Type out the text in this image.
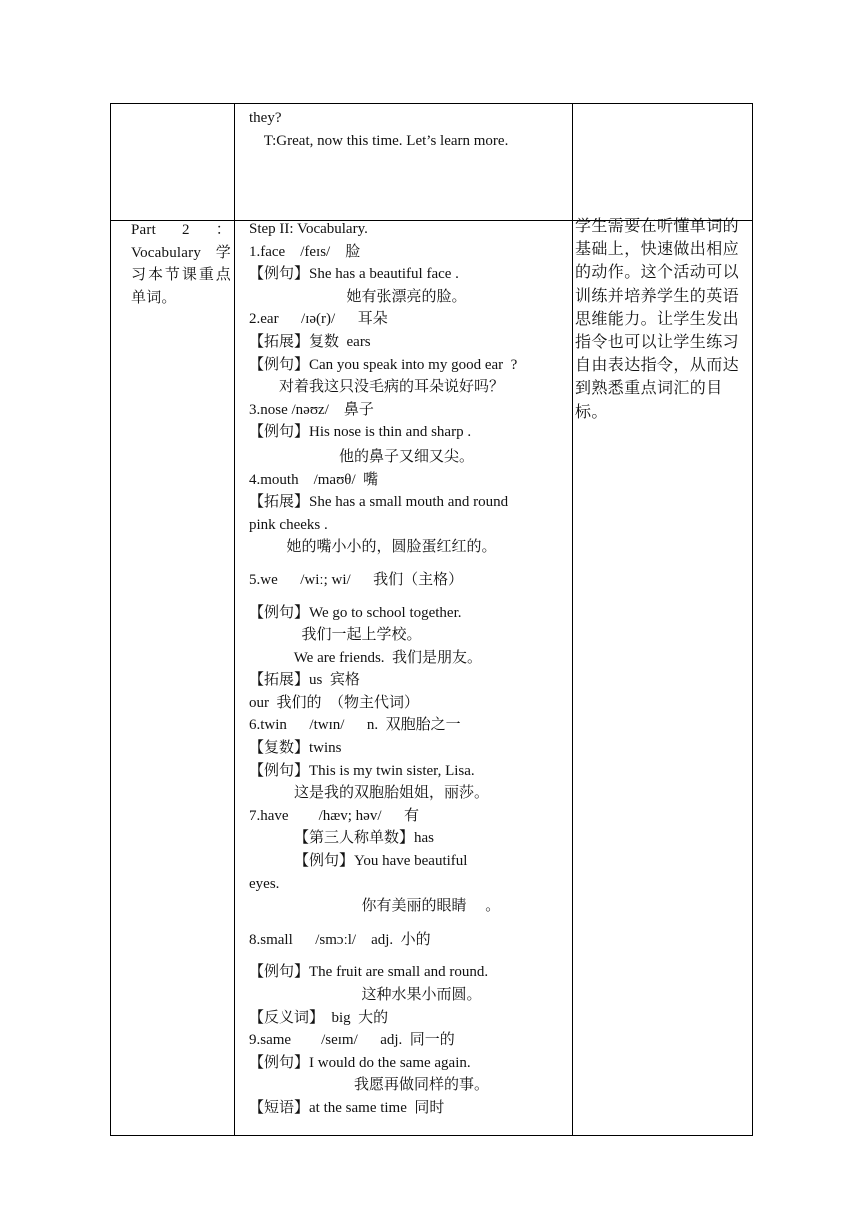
they?
T:Great, now this time. Let’s learn more.
Part 2 ：Vocabulary 学习本节课重点单词。
Step II: Vocabulary.
1.face    /feɪs/    脸
【例句】She has a beautiful face .
她有张漂亮的脸。
2.ear      /ɪə(r)/      耳朵
【拓展】复数  ears
【例句】Can you speak into my good ear  ?
对着我这只没毛病的耳朵说好吗？
3.nose /nəʊz/    鼻子
【例句】His nose is thin and sharp .
他的鼻子又细又尖。
4.mouth    /maʊθ/  嘴
【拓展】She has a small mouth and round
pink cheeks .
她的嘴小小的，圆脸蛋红红的。
5.we      /wiː; wi/      我们（主格）
【例句】We go to school together.
我们一起上学校。
We are friends.  我们是朋友。
【拓展】us  宾格
our  我们的  （物主代词）
6.twin      /twɪn/      n.  双胞胎之一
【复数】twins
【例句】This is my twin sister, Lisa.
这是我的双胞胎姐姐，丽莎。
7.have        /hæv; həv/      有
【第三人称单数】has
【例句】You have beautiful
eyes.
你有美丽的眼睛     。
8.small      /smɔːl/    adj.  小的
【例句】The fruit are small and round.
这种水果小而圆。
【反义词】  big  大的
9.same        /seɪm/      adj.  同一的
【例句】I would do the same again.
我愿再做同样的事。
【短语】at the same time  同时
学生需要在听懂单词的基础上，快速做出相应的动作。这个活动可以训练并培养学生的英语思维能力。让学生发出指令也可以让学生练习自由表达指令，从而达到熟悉重点词汇的目标。
